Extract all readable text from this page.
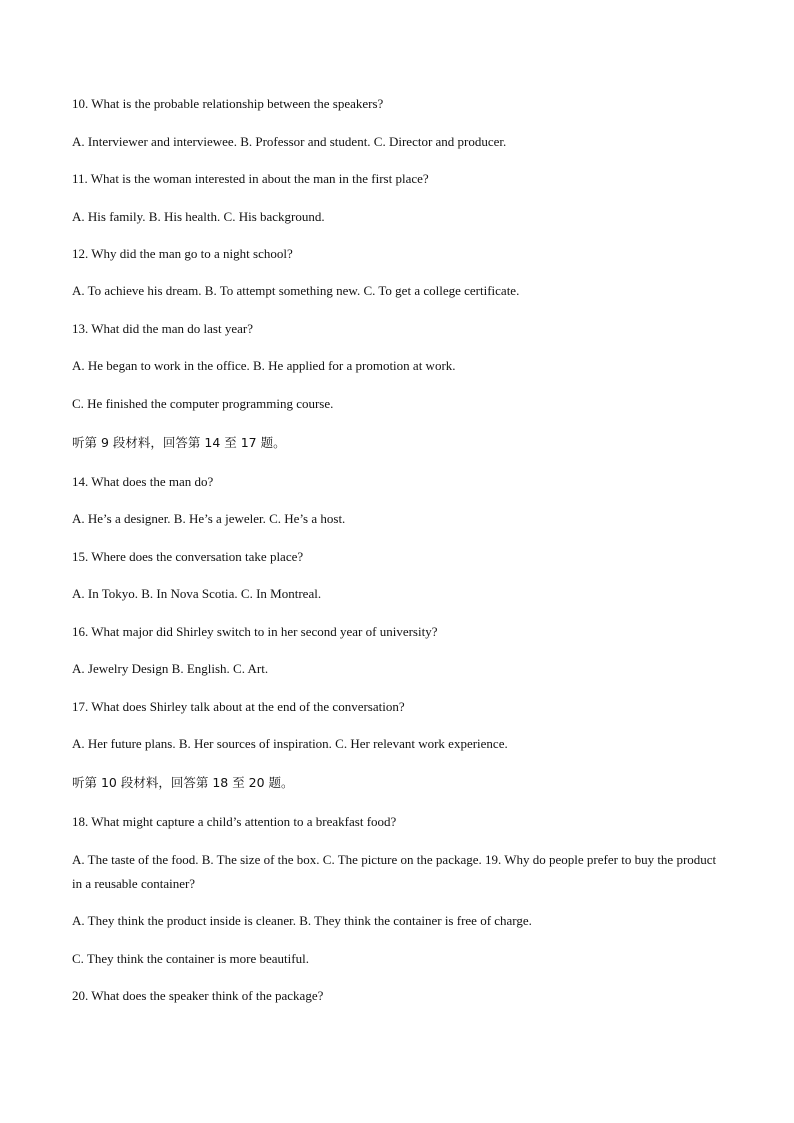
10. What is the probable relationship between the speakers?
A. Interviewer and interviewee. B. Professor and student. C. Director and producer.
11. What is the woman interested in about the man in the first place?
A. His family. B. His health. C. His background.
12. Why did the man go to a night school?
A. To achieve his dream. B. To attempt something new. C. To get a college certificate.
13. What did the man do last year?
A. He began to work in the office. B. He applied for a promotion at work.
C. He finished the computer programming course.
听第 9 段材料，回答第 14 至 17 题。
14. What does the man do?
A. He’s a designer. B. He’s a jeweler. C. He’s a host.
15. Where does the conversation take place?
A. In Tokyo. B. In Nova Scotia. C. In Montreal.
16. What major did Shirley switch to in her second year of university?
A. Jewelry Design B. English. C. Art.
17. What does Shirley talk about at the end of the conversation?
A. Her future plans. B. Her sources of inspiration. C. Her relevant work experience.
听第 10 段材料，回答第 18 至 20 题。
18. What might capture a child’s attention to a breakfast food?
A. The taste of the food. B. The size of the box. C. The picture on the package. 19. Why do people prefer to buy the product in a reusable container?
A. They think the product inside is cleaner. B. They think the container is free of charge.
C. They think the container is more beautiful.
20. What does the speaker think of the package?
